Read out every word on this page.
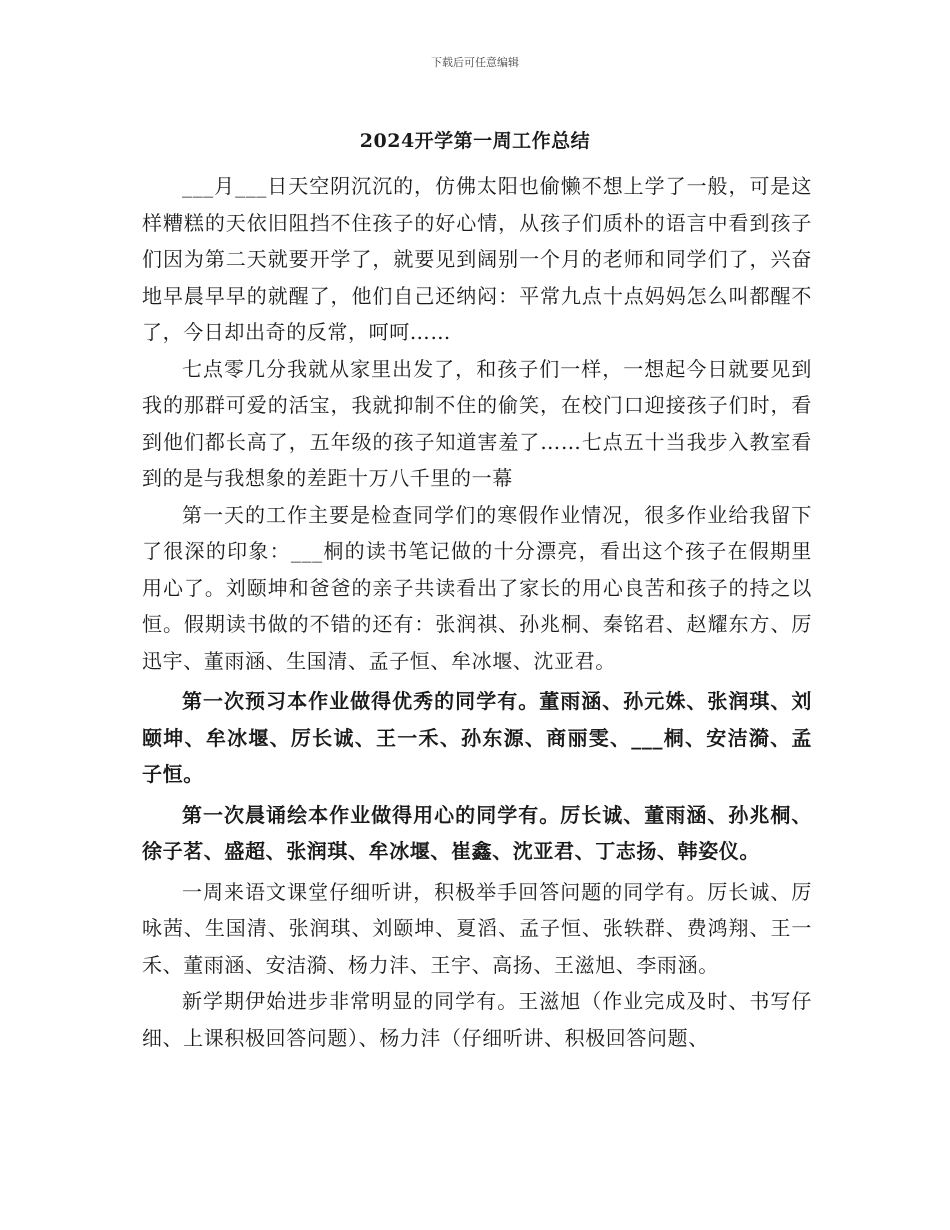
下载后可任意编辑
2024开学第一周工作总结

___月___日天空阴沉沉的，仿佛太阳也偷懒不想上学了一般，可是这样糟糕的天依旧阻挡不住孩子的好心情，从孩子们质朴的语言中看到孩子们因为第二天就要开学了，就要见到阔别一个月的老师和同学们了，兴奋地早晨早早的就醒了，他们自己还纳闷：平常九点十点妈妈怎么叫都醒不了，今日却出奇的反常，呵呵……

七点零几分我就从家里出发了，和孩子们一样，一想起今日就要见到我的那群可爱的活宝，我就抑制不住的偷笑，在校门口迎接孩子们时，看到他们都长高了，五年级的孩子知道害羞了……七点五十当我步入教室看到的是与我想象的差距十万八千里的一幕

第一天的工作主要是检查同学们的寒假作业情况，很多作业给我留下了很深的印象：___桐的读书笔记做的十分漂亮，看出这个孩子在假期里用心了。刘颐坤和爸爸的亲子共读看出了家长的用心良苦和孩子的持之以恒。假期读书做的不错的还有：张润祺、孙兆桐、秦铭君、赵耀东方、厉迅宇、董雨涵、生国清、孟子恒、牟冰堰、沈亚君。

第一次预习本作业做得优秀的同学有。董雨涵、孙元姝、张润琪、刘颐坤、牟冰堰、厉长诚、王一禾、孙东源、商丽雯、___桐、安洁漪、孟子恒。

第一次晨诵绘本作业做得用心的同学有。厉长诚、董雨涵、孙兆桐、徐子茗、盛超、张润琪、牟冰堰、崔鑫、沈亚君、丁志扬、韩姿仪。

一周来语文课堂仔细听讲，积极举手回答问题的同学有。厉长诚、厉咏茜、生国清、张润琪、刘颐坤、夏滔、孟子恒、张轶群、费鸿翔、王一禾、董雨涵、安洁漪、杨力沣、王宇、高扬、王滋旭、李雨涵。

新学期伊始进步非常明显的同学有。王滋旭（作业完成及时、书写仔细、上课积极回答问题）、杨力沣（仔细听讲、积极回答问题、
